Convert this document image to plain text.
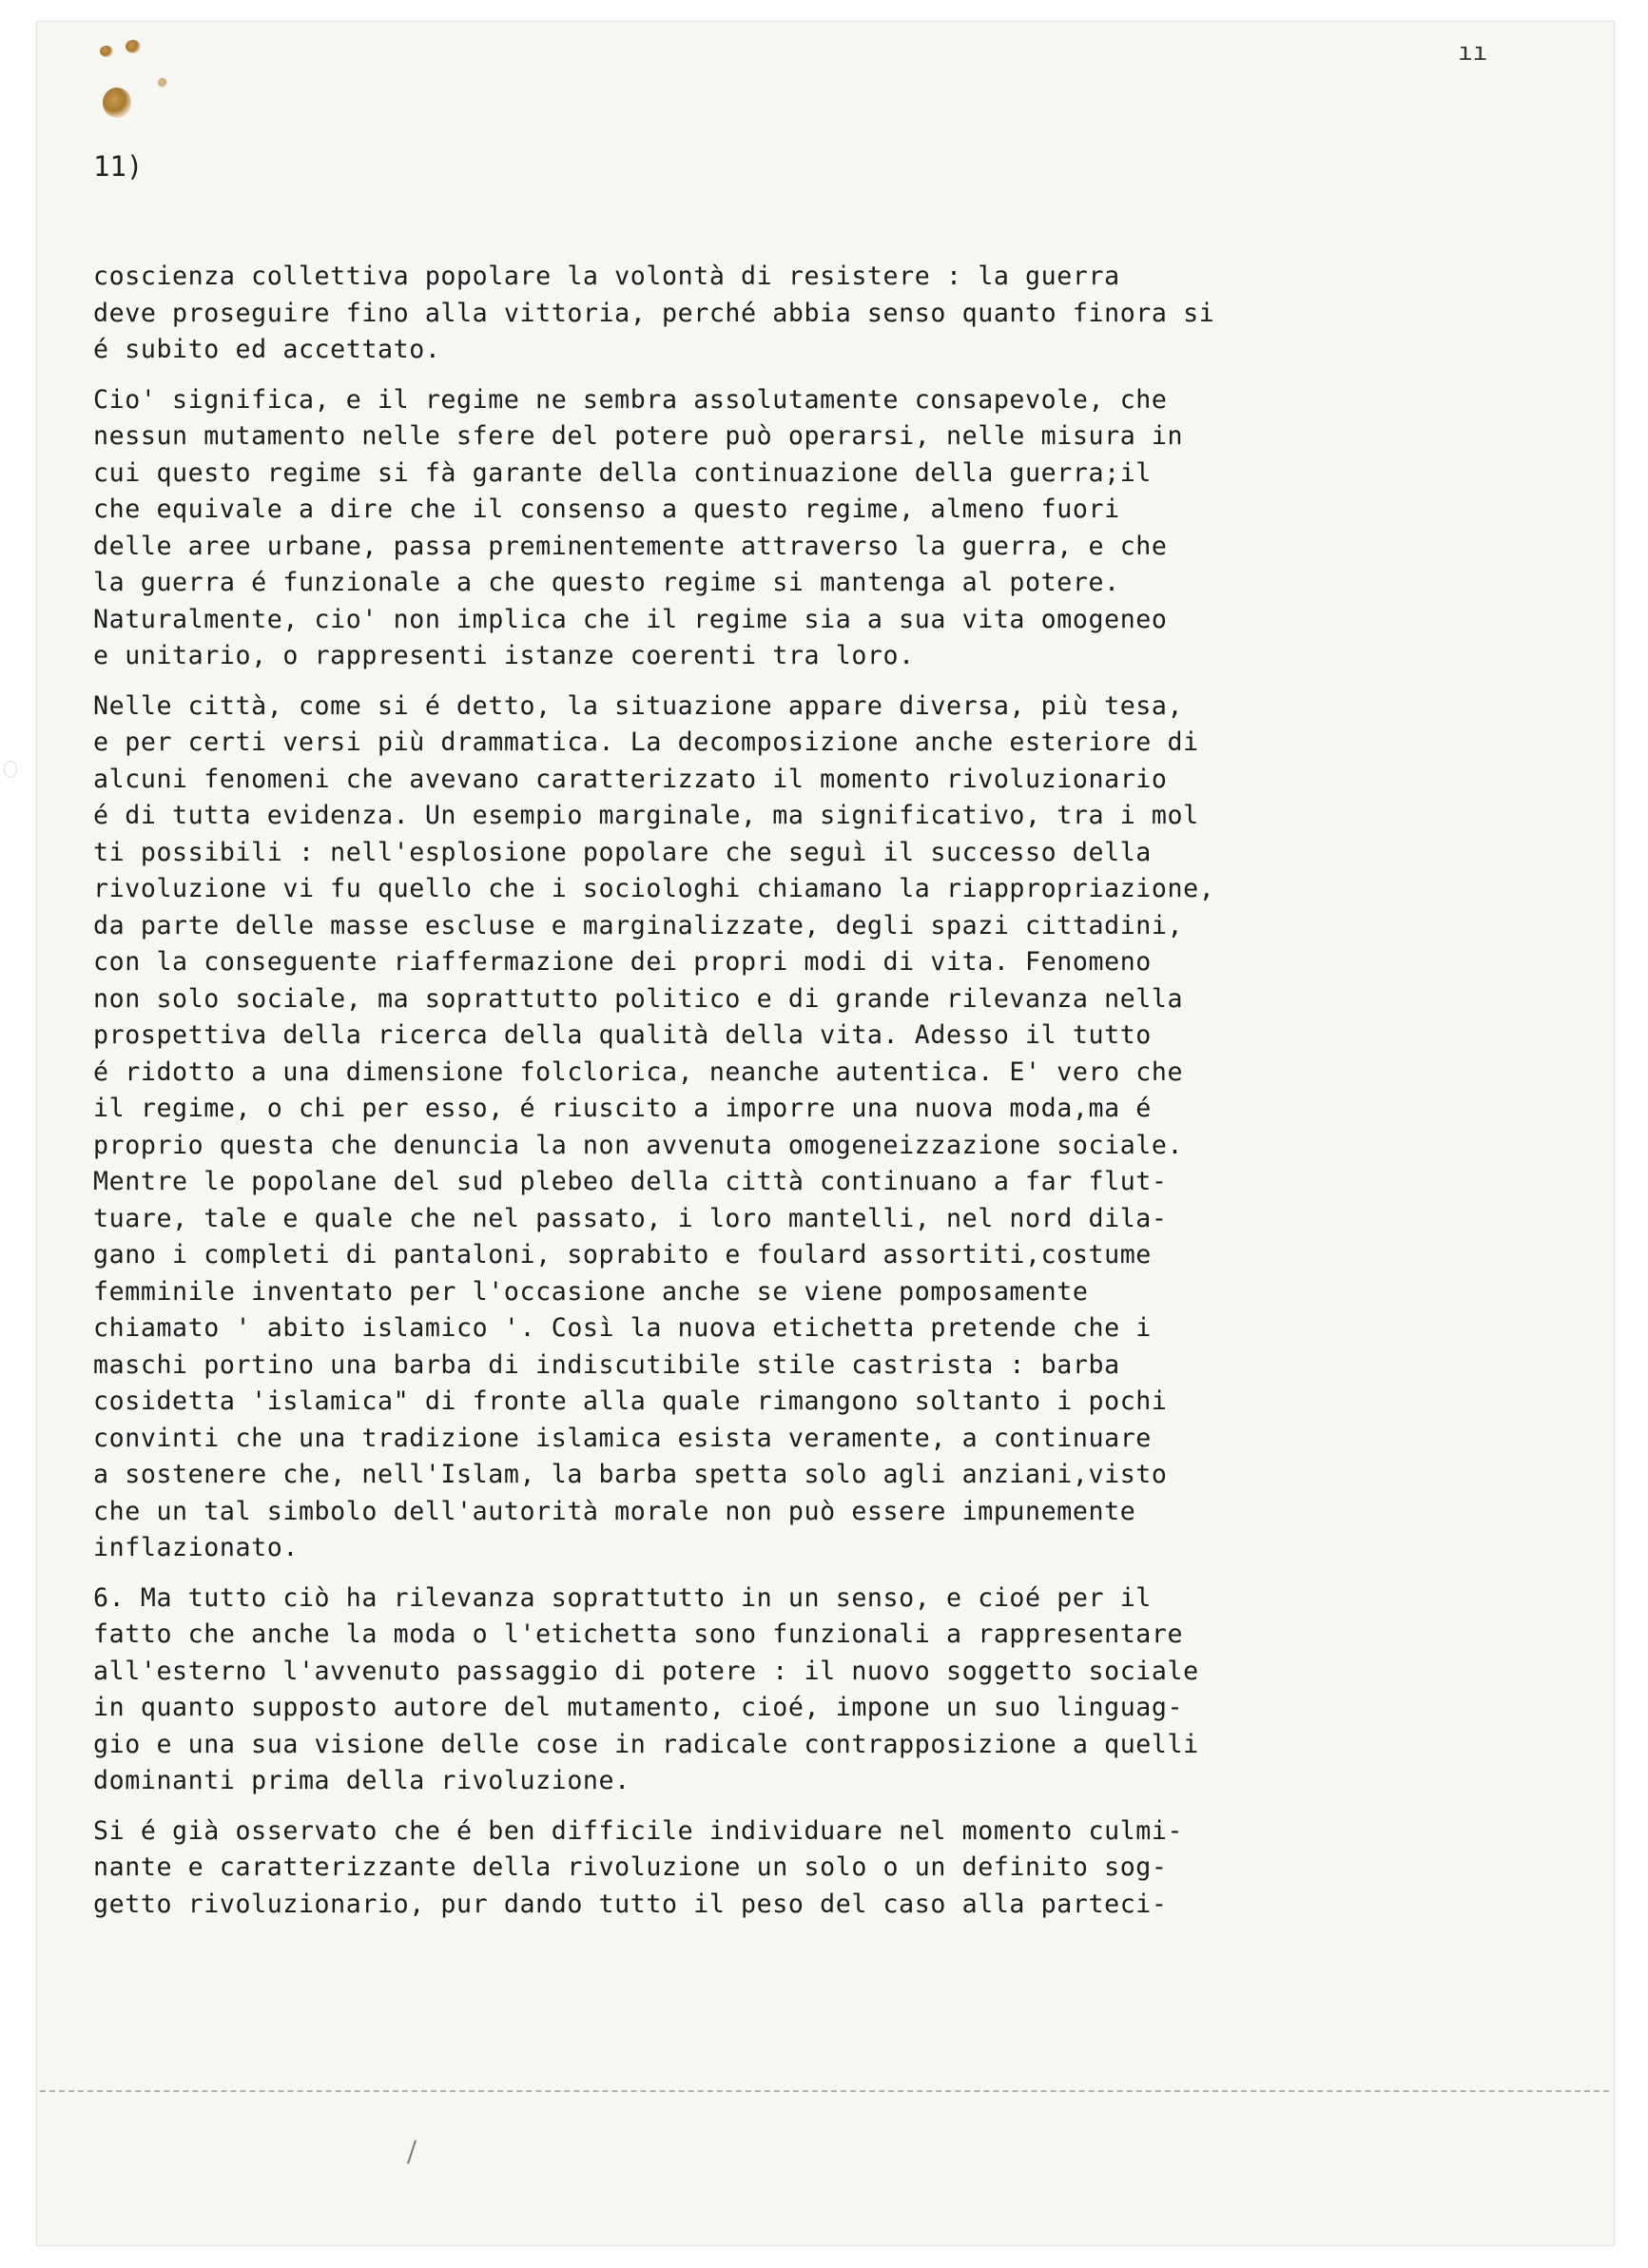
ıı
11)
coscienza collettiva popolare la volontà di resistere : la guerra
deve proseguire fino alla vittoria, perché abbia senso quanto finora si
é subito ed accettato.
Cio' significa, e il regime ne sembra assolutamente consapevole, che
nessun mutamento nelle sfere del potere può operarsi, nelle misura in
cui questo regime si fà garante della continuazione della guerra;il
che equivale a dire che il consenso a questo regime, almeno fuori
delle aree urbane, passa preminentemente attraverso la guerra, e che
la guerra é funzionale a che questo regime si mantenga al potere.
Naturalmente, cio' non implica che il regime sia a sua vita omogeneo
e unitario, o rappresenti istanze coerenti tra loro.
Nelle città, come si é detto, la situazione appare diversa, più tesa,
e per certi versi più drammatica. La decomposizione anche esteriore di
alcuni fenomeni che avevano caratterizzato il momento rivoluzionario
é di tutta evidenza. Un esempio marginale, ma significativo, tra i mol
ti possibili : nell'esplosione popolare che seguì il successo della
rivoluzione vi fu quello che i sociologhi chiamano la riappropriazione,
da parte delle masse escluse e marginalizzate, degli spazi cittadini,
con la conseguente riaffermazione dei propri modi di vita. Fenomeno
non solo sociale, ma soprattutto politico e di grande rilevanza nella
prospettiva della ricerca della qualità della vita. Adesso il tutto
é ridotto a una dimensione folclorica, neanche autentica. E' vero che
il regime, o chi per esso, é riuscito a imporre una nuova moda,ma é
proprio questa che denuncia la non avvenuta omogeneizzazione sociale.
Mentre le popolane del sud plebeo della città continuano a far flut-
tuare, tale e quale che nel passato, i loro mantelli, nel nord dila-
gano i completi di pantaloni, soprabito e foulard assortiti,costume
femminile inventato per l'occasione anche se viene pomposamente
chiamato ' abito islamico '. Così la nuova etichetta pretende che i
maschi portino una barba di indiscutibile stile castrista : barba
cosidetta 'islamica" di fronte alla quale rimangono soltanto i pochi
convinti che una tradizione islamica esista veramente, a continuare
a sostenere che, nell'Islam, la barba spetta solo agli anziani,visto
che un tal simbolo dell'autorità morale non può essere impunemente
inflazionato.
6. Ma tutto ciò ha rilevanza soprattutto in un senso, e cioé per il
fatto che anche la moda o l'etichetta sono funzionali a rappresentare
all'esterno l'avvenuto passaggio di potere : il nuovo soggetto sociale
in quanto supposto autore del mutamento, cioé, impone un suo linguag-
gio e una sua visione delle cose in radicale contrapposizione a quelli
dominanti prima della rivoluzione.
Si é già osservato che é ben difficile individuare nel momento culmi-
nante e caratterizzante della rivoluzione un solo o un definito sog-
getto rivoluzionario, pur dando tutto il peso del caso alla parteci-
